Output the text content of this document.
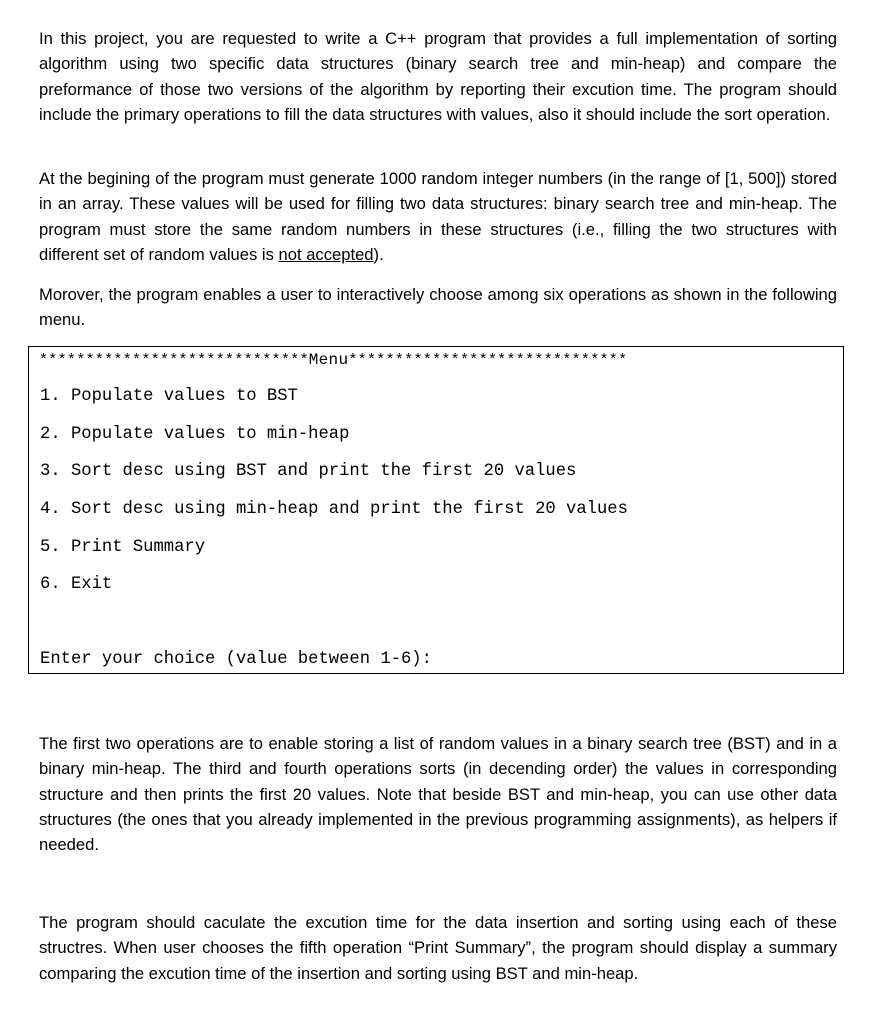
In this project, you are requested to write a C++ program that provides a full implementation of sorting algorithm using two specific data structures (binary search tree and min-heap) and compare the preformance of those two versions of the algorithm by reporting their excution time. The program should include the primary operations to fill the data structures with values, also it should include the sort operation.

At the begining of the program must generate 1000 random integer numbers (in the range of [1, 500]) stored in an array. These values will be used for filling two data structures: binary search tree and min-heap. The program must store the same random numbers in these structures (i.e., filling the two structures with different set of random values is not accepted).

Morover, the program enables a user to interactively choose among six operations as shown in the following menu.

***************************** Menu ******************************
1. Populate values to BST
2. Populate values to min-heap
3. Sort desc using BST and print the first 20 values
4. Sort desc using min-heap and print the first 20 values
5. Print Summary
6. Exit
Enter your choice (value between 1-6):

The first two operations are to enable storing a list of random values in a binary search tree (BST) and in a binary min-heap. The third and fourth operations sorts (in decending order) the values in corresponding structure and then prints the first 20 values. Note that beside BST and min-heap, you can use other data structures (the ones that you already implemented in the previous programming assignments), as helpers if needed.

The program should caculate the excution time for the data insertion and sorting using each of these structres. When user chooses the fifth operation “Print Summary”, the program should display a summary comparing the excution time of the insertion and sorting using BST and min-heap.
